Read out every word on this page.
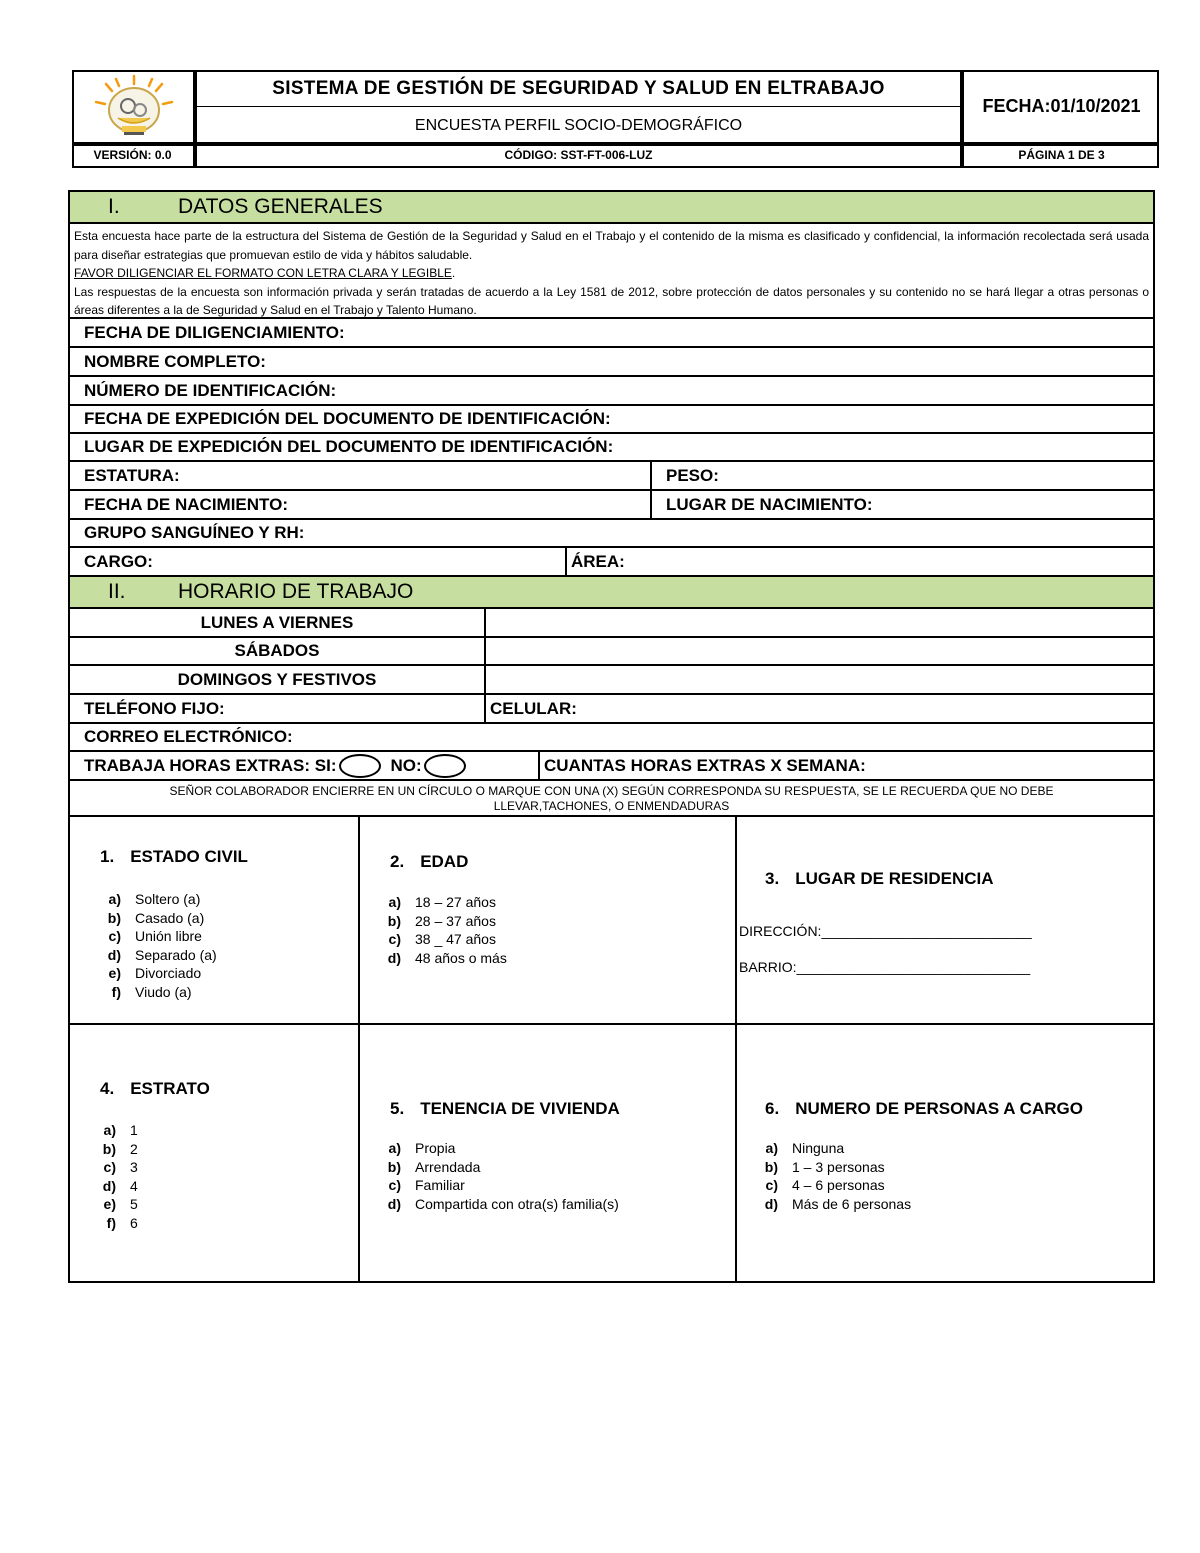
SISTEMA DE GESTIÓN DE SEGURIDAD Y SALUD EN ELTRABAJO
ENCUESTA PERFIL SOCIO-DEMOGRÁFICO
FECHA:01/10/2021
VERSIÓN: 0.0	CÓDIGO: SST-FT-006-LUZ	PÁGINA 1 DE 3
I.	DATOS GENERALES
Esta encuesta hace parte de la estructura del Sistema de Gestión de la Seguridad y Salud en el Trabajo y el contenido de la misma es clasificado y confidencial, la información recolectada será usada para diseñar estrategias que promuevan estilo de vida y hábitos saludable.
FAVOR DILIGENCIAR EL FORMATO CON LETRA CLARA Y LEGIBLE.
Las respuestas de la encuesta son información privada y serán tratadas de acuerdo a la Ley 1581 de 2012, sobre protección de datos personales y su contenido no se hará llegar a otras personas o áreas diferentes a la de Seguridad y Salud en el Trabajo y Talento Humano.
FECHA DE DILIGENCIAMIENTO:
NOMBRE COMPLETO:
NÚMERO DE IDENTIFICACIÓN:
FECHA DE EXPEDICIÓN DEL DOCUMENTO DE IDENTIFICACIÓN:
LUGAR DE EXPEDICIÓN DEL DOCUMENTO DE IDENTIFICACIÓN:
ESTATURA:	PESO:
FECHA DE NACIMIENTO:	LUGAR DE NACIMIENTO:
GRUPO SANGUÍNEO Y RH:
CARGO:	ÁREA:
II.	HORARIO DE TRABAJO
LUNES A VIERNES
SÁBADOS
DOMINGOS Y FESTIVOS
TELÉFONO FIJO:	CELULAR:
CORREO ELECTRÓNICO:
TRABAJA HORAS EXTRAS: SI:	NO:	CUANTAS HORAS EXTRAS X SEMANA:
SEÑOR COLABORADOR ENCIERRE EN UN CÍRCULO O MARQUE CON UNA (X) SEGÚN CORRESPONDA SU RESPUESTA, SE LE RECUERDA QUE NO DEBE LLEVAR,TACHONES, O ENMENDADURAS
1. ESTADO CIVIL
a)	Soltero (a)
b)	Casado (a)
c)	Unión libre
d)	Separado (a)
e)	Divorciado
f)	Viudo (a)
2. EDAD
a)	18 – 27 años
b)	28 – 37 años
c)	38 _ 47 años
d)	48 años o más
3. LUGAR DE RESIDENCIA
DIRECCIÓN:___________________________
BARRIO:______________________________
4. ESTRATO
a)	1
b)	2
c)	3
d)	4
e)	5
f)	6
5. TENENCIA DE VIVIENDA
a)	Propia
b)	Arrendada
c)	Familiar
d)	Compartida con otra(s) familia(s)
6. NUMERO DE PERSONAS A CARGO
a)	Ninguna
b)	1 – 3 personas
c)	4 – 6 personas
d)	Más de 6 personas
